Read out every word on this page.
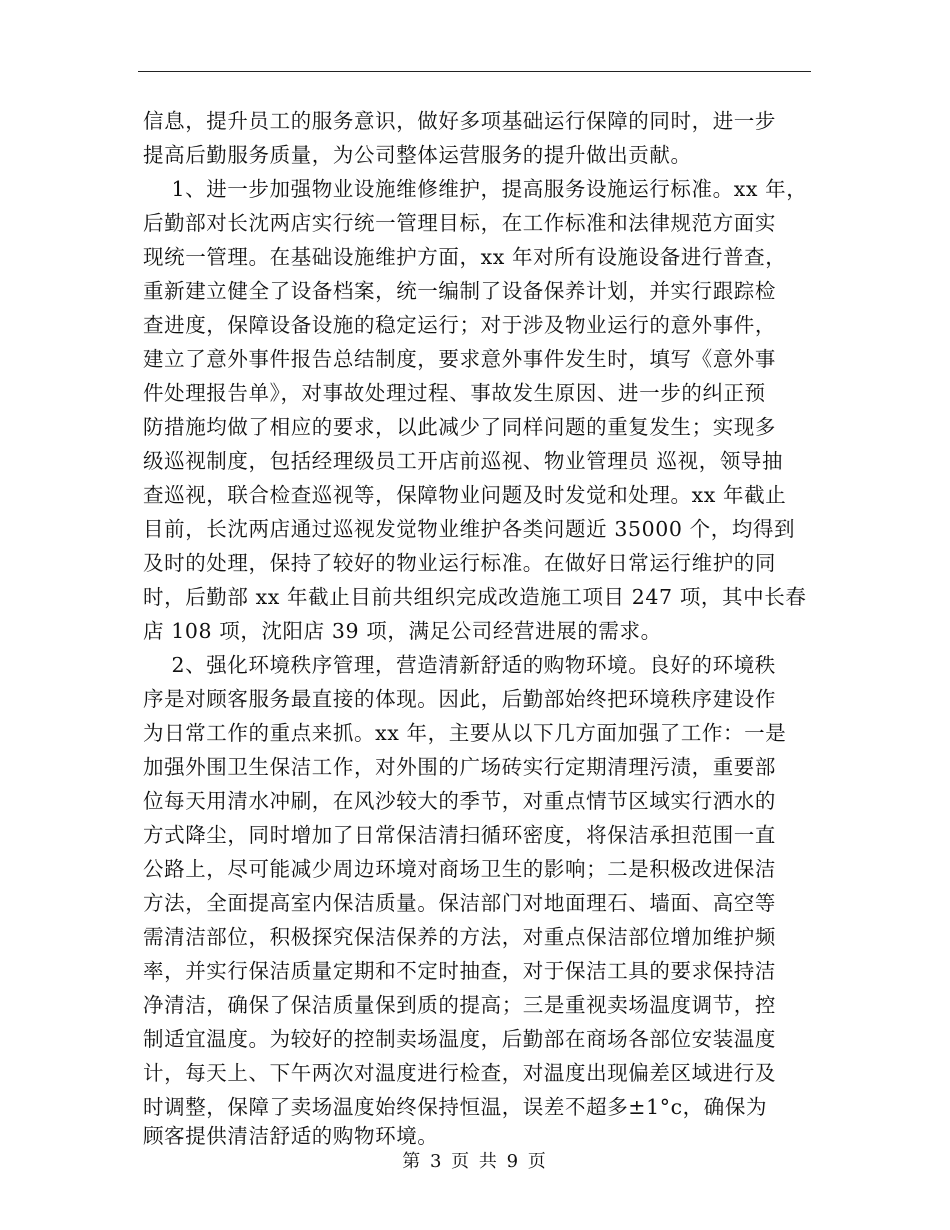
信息，提升员工的服务意识，做好多项基础运行保障的同时，进一步
提高后勤服务质量，为公司整体运营服务的提升做出贡献。
1、进一步加强物业设施维修维护，提高服务设施运行标准。xx 年，
后勤部对长沈两店实行统一管理目标，在工作标准和法律规范方面实
现统一管理。在基础设施维护方面，xx 年对所有设施设备进行普查，
重新建立健全了设备档案，统一编制了设备保养计划，并实行跟踪检
查进度，保障设备设施的稳定运行；对于涉及物业运行的意外事件，
建立了意外事件报告总结制度，要求意外事件发生时，填写《意外事
件处理报告单》，对事故处理过程、事故发生原因、进一步的纠正预
防措施均做了相应的要求，以此减少了同样问题的重复发生；实现多
级巡视制度，包括经理级员工开店前巡视、物业管理员 巡视，领导抽
查巡视，联合检查巡视等，保障物业问题及时发觉和处理。xx 年截止
目前，长沈两店通过巡视发觉物业维护各类问题近 35000 个，均得到
及时的处理，保持了较好的物业运行标准。在做好日常运行维护的同
时，后勤部 xx 年截止目前共组织完成改造施工项目 247 项，其中长春
店 108 项，沈阳店 39 项，满足公司经营进展的需求。
2、强化环境秩序管理，营造清新舒适的购物环境。良好的环境秩
序是对顾客服务最直接的体现。因此，后勤部始终把环境秩序建设作
为日常工作的重点来抓。xx 年，主要从以下几方面加强了工作：一是
加强外围卫生保洁工作，对外围的广场砖实行定期清理污渍，重要部
位每天用清水冲刷，在风沙较大的季节，对重点情节区域实行洒水的
方式降尘，同时增加了日常保洁清扫循环密度，将保洁承担范围一直
公路上，尽可能减少周边环境对商场卫生的影响；二是积极改进保洁
方法，全面提高室内保洁质量。保洁部门对地面理石、墙面、高空等
需清洁部位，积极探究保洁保养的方法，对重点保洁部位增加维护频
率，并实行保洁质量定期和不定时抽查，对于保洁工具的要求保持洁
净清洁，确保了保洁质量保到质的提高；三是重视卖场温度调节，控
制适宜温度。为较好的控制卖场温度，后勤部在商场各部位安装温度
计，每天上、下午两次对温度进行检查，对温度出现偏差区域进行及
时调整，保障了卖场温度始终保持恒温，误差不超多±1°c，确保为
顾客提供清洁舒适的购物环境。
第 3 页 共 9 页
